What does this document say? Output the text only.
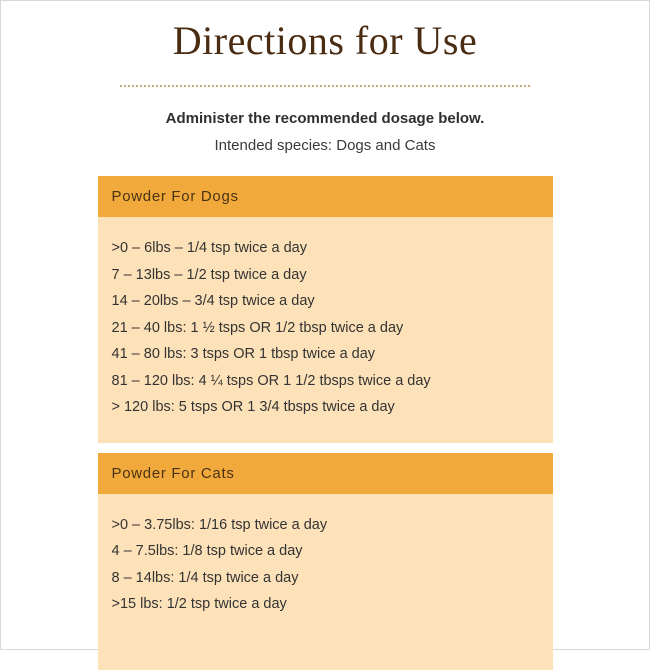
Directions for Use
Administer the recommended dosage below.
Intended species: Dogs and Cats
Powder For Dogs
>0 – 6lbs – 1/4 tsp twice a day
7 – 13lbs – 1/2 tsp twice a day
14 – 20lbs – 3/4 tsp twice a day
21 – 40 lbs: 1 ½ tsps OR 1/2 tbsp twice a day
41 – 80 lbs: 3 tsps OR 1 tbsp twice a day
81 – 120 lbs: 4 ¼ tsps OR 1 1/2 tbsps twice a day
> 120 lbs: 5 tsps OR 1 3/4 tbsps twice a day
Powder For Cats
>0 – 3.75lbs: 1/16 tsp twice a day
4 – 7.5lbs: 1/8 tsp twice a day
8 – 14lbs: 1/4 tsp twice a day
>15 lbs: 1/2 tsp twice a day
